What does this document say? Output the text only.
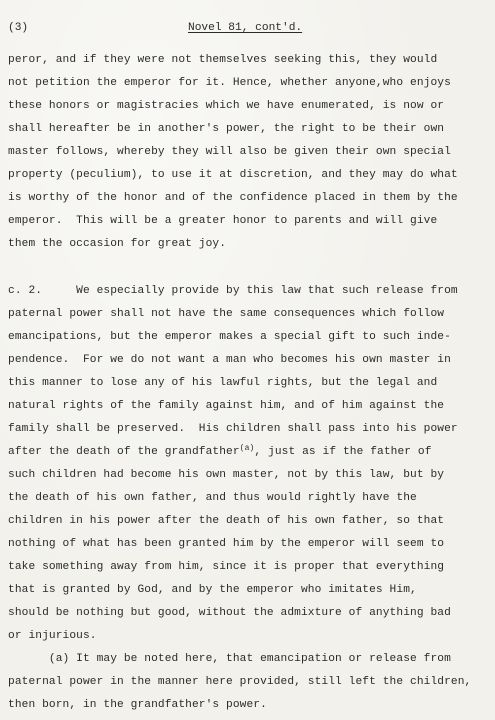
(3)	Novel 81, cont'd.
peror, and if they were not themselves seeking this, they would
not petition the emperor for it. Hence, whether anyone,who enjoys
these honors or magistracies which we have enumerated, is now or
shall hereafter be in another's power, the right to be their own
master follows, whereby they will also be given their own special
property (peculium), to use it at discretion, and they may do what
is worthy of the honor and of the confidence placed in them by the
emperor.  This will be a greater honor to parents and will give
them the occasion for great joy.
c. 2.     We especially provide by this law that such release from
paternal power shall not have the same consequences which follow
emancipations, but the emperor makes a special gift to such inde-
pendence.  For we do not want a man who becomes his own master in
this manner to lose any of his lawful rights, but the legal and
natural rights of the family against him, and of him against the
family shall be preserved.  His children shall pass into his power
after the death of the grandfather$^{(a)}$, just as if the father of
such children had become his own master, not by this law, but by
the death of his own father, and thus would rightly have the
children in his power after the death of his own father, so that
nothing of what has been granted him by the emperor will seem to
take something away from him, since it is proper that everything
that is granted by God, and by the emperor who imitates Him,
should be nothing but good, without the admixture of anything bad
or injurious.
(a) It may be noted here, that emancipation or release from
paternal power in the manner here provided, still left the children,
then born, in the grandfather's power.
